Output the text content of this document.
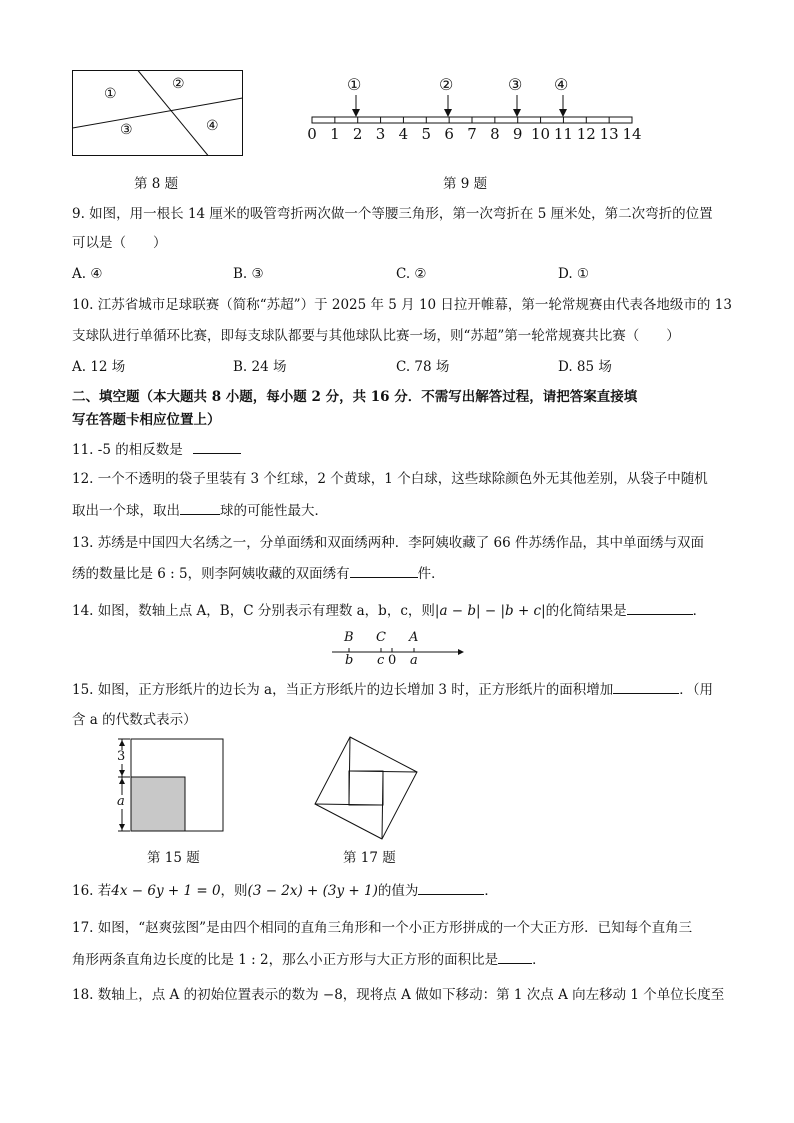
①
②
③	④
第 8 题
①	②	③ ④
0 1 2 3 4 5 6 7 8 9 10 11 12 13 14
第 9 题
9. 如图，用一根长 14 厘米的吸管弯折两次做一个等腰三角形，第一次弯折在 5 厘米处，第二次弯折的位置
可以是（　　）
A. ④	B. ③	C. ②	D. ①
10. 江苏省城市足球联赛（简称“苏超”）于 2025 年 5 月 10 日拉开帷幕，第一轮常规赛由代表各地级市的 13
支球队进行单循环比赛，即每支球队都要与其他球队比赛一场，则“苏超”第一轮常规赛共比赛（　　）
A. 12 场	B. 24 场	C. 78 场	D. 85 场
二、填空题（本大题共 8 小题，每小题 2 分，共 16 分．不需写出解答过程，请把答案直接填
写在答题卡相应位置上）
11. -5 的相反数是
12. 一个不透明的袋子里装有 3 个红球，2 个黄球，1 个白球，这些球除颜色外无其他差别，从袋子中随机
取出一个球，取出	球的可能性最大．
13. 苏绣是中国四大名绣之一，分单面绣和双面绣两种．李阿姨收藏了 66 件苏绣作品，其中单面绣与双面
绣的数量比是 6 : 5，则李阿姨收藏的双面绣有	件．
14. 如图，数轴上点 A，B，C 分别表示有理数 a，b，c，则|a − b| − |b + c|的化简结果是	．
B C A
b c 0 a
15. 如图，正方形纸片的边长为 a，当正方形纸片的边长增加 3 时，正方形纸片的面积增加	．（用
含 a 的代数式表示）
3
a
第 15 题	第 17 题
16. 若4x − 6y + 1 = 0，则(3 − 2x) + (3y + 1)的值为	．
17. 如图，“赵爽弦图”是由四个相同的直角三角形和一个小正方形拼成的一个大正方形．已知每个直角三
角形两条直角边长度的比是 1 : 2，那么小正方形与大正方形的面积比是	．
18. 数轴上，点 A 的初始位置表示的数为 −8，现将点 A 做如下移动：第 1 次点 A 向左移动 1 个单位长度至
